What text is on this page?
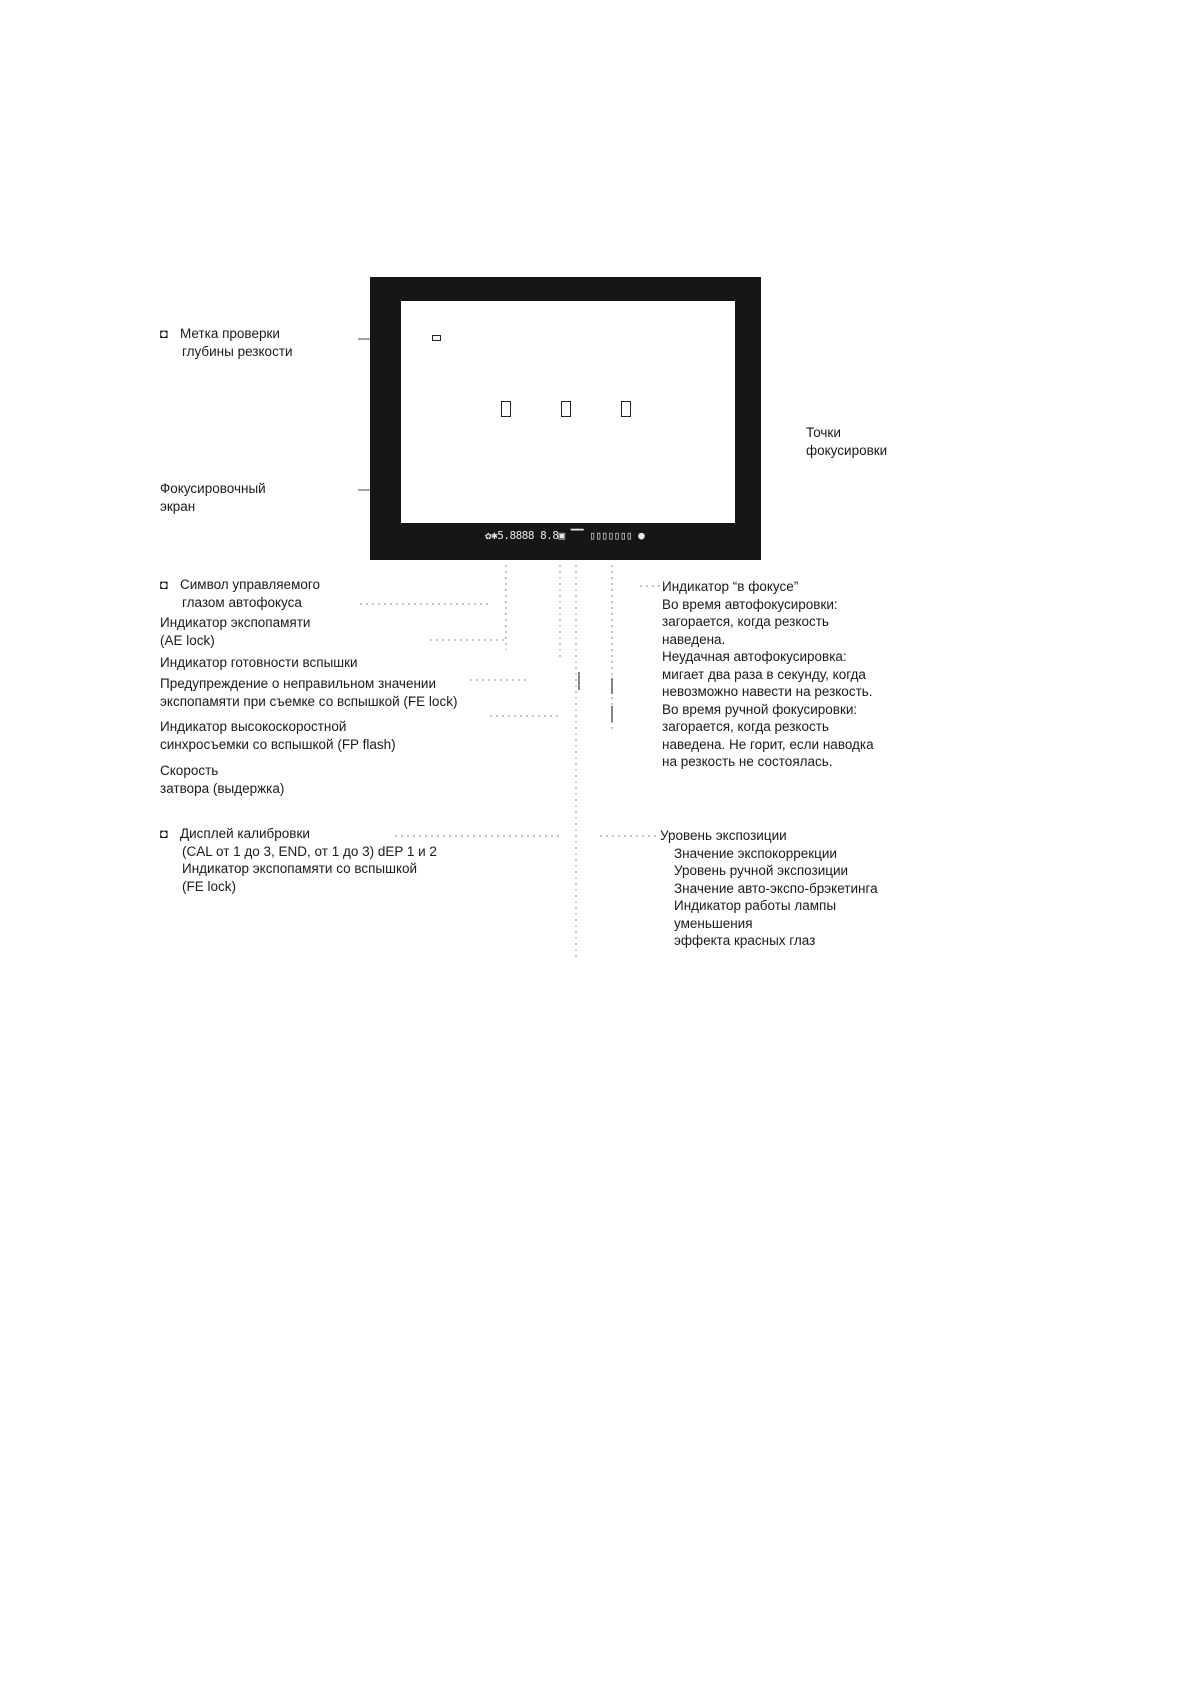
✿✱5.8888 8.8▣ ▔▔ ▯▯▯▯▯▯▯ ●
◘ Метка проверки
глубины резкости
Фокусировочный
экран
Точки
фокусировки
◘ Символ управляемого
глазом автофокуса
Индикатор экспопамяти
(AE lock)
Индикатор готовности вспышки
Предупреждение о неправильном значении
экспопамяти при съемке со вспышкой (FE lock)
Индикатор высокоскоростной
синхросъемки со вспышкой (FP flash)
Скорость
затвора (выдержка)
◘ Дисплей калибровки
(CAL от 1 до 3, END, от 1 до 3) dEP 1 и 2
Индикатор экспопамяти со вспышкой
(FE lock)
Индикатор “в фокусе”
Во время автофокусировки:
загорается, когда резкость
наведена.
Неудачная автофокусировка:
мигает два раза в секунду, когда
невозможно навести на резкость.
Во время ручной фокусировки:
загорается, когда резкость
наведена. Не горит, если наводка
на резкость не состоялась.
Уровень экспозиции
Значение экспокоррекции
Уровень ручной экспозиции
Значение авто-экспо-брэкетинга
Индикатор работы лампы
уменьшения
эффекта красных глаз
